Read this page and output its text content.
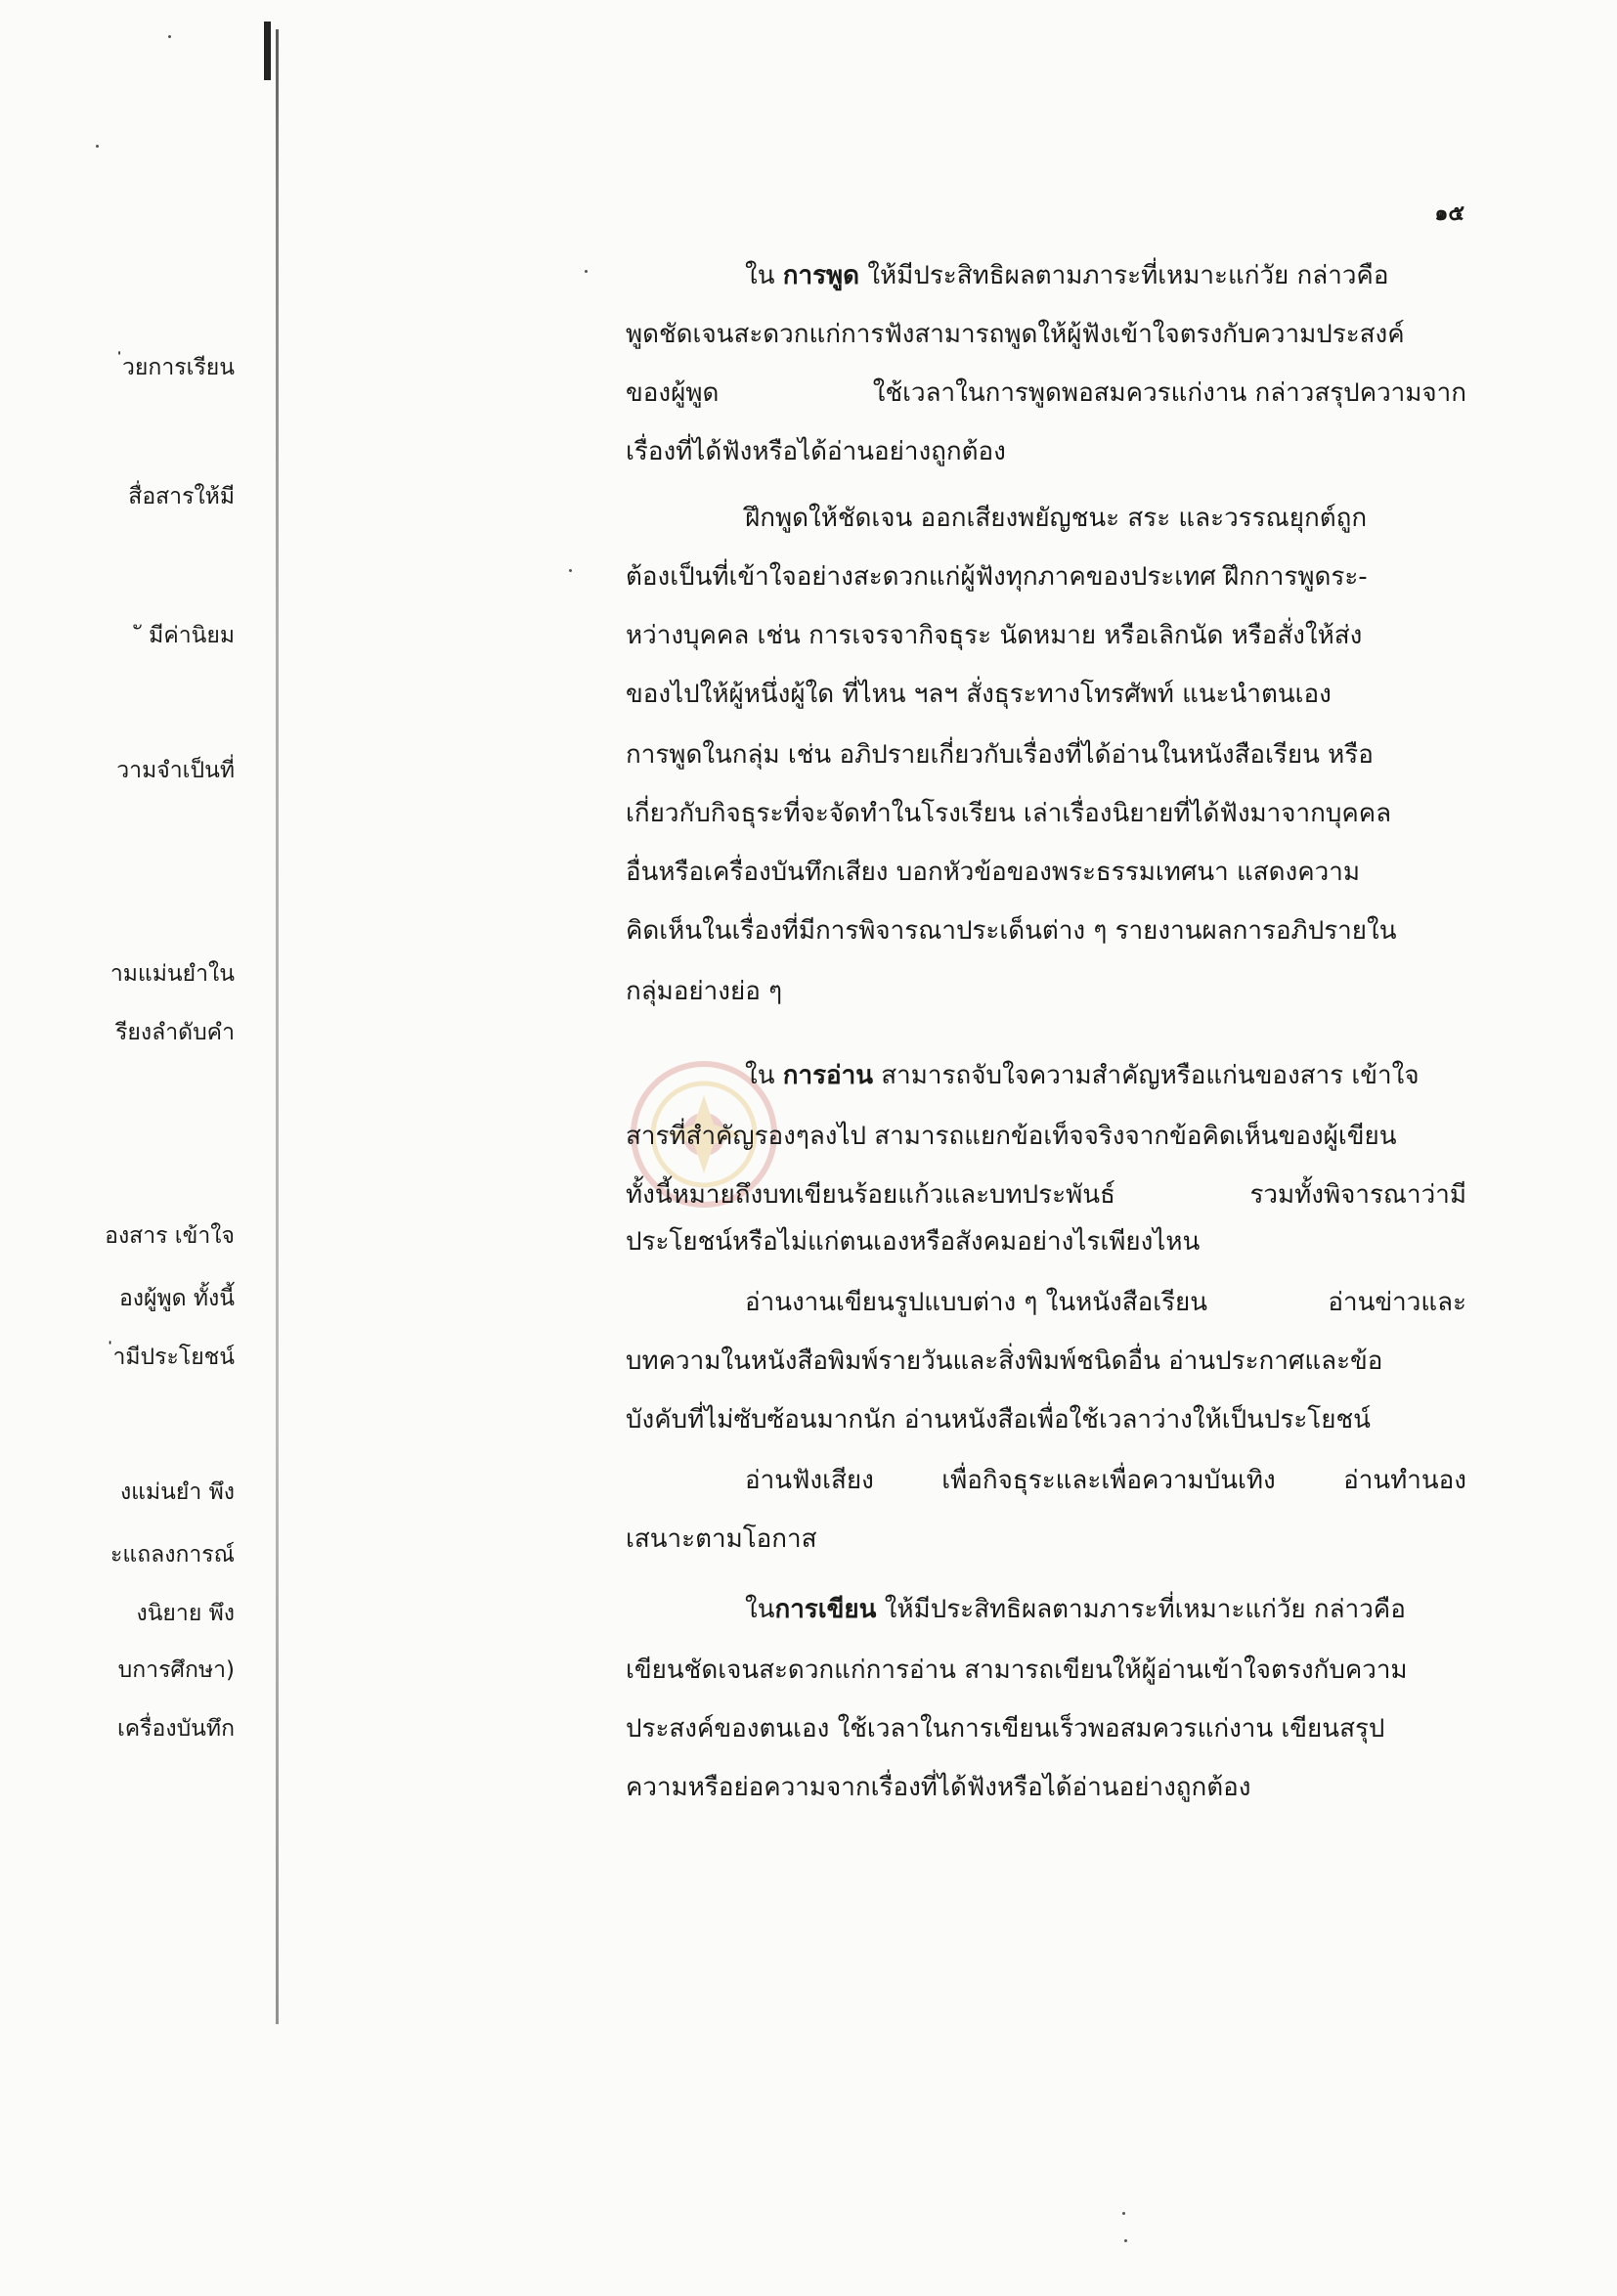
่วยการเรียน
สื่อสารให้มี
ั มีค่านิยม
วามจำเป็นที่
ามแม่นยำใน
รียงลำดับคำ
องสาร เข้าใจ
องผู้พูด ทั้งนี้
่ามีประโยชน์
งแม่นยำ พึง
ะแถลงการณ์
งนิยาย พึง
บการศึกษา)
เครื่องบันทึก
๑๕
ใน การพูด ให้มีประสิทธิผลตามภาระที่เหมาะแก่วัย กล่าวคือ
พูดชัดเจนสะดวกแก่การฟังสามารถพูดให้ผู้ฟังเข้าใจตรงกับความประสงค์
ของผู้พูด	ใช้เวลาในการพูดพอสมควรแก่งาน กล่าวสรุปความจาก
เรื่องที่ได้ฟังหรือได้อ่านอย่างถูกต้อง
ฝึกพูดให้ชัดเจน ออกเสียงพยัญชนะ สระ และวรรณยุกต์ถูก
ต้องเป็นที่เข้าใจอย่างสะดวกแก่ผู้ฟังทุกภาคของประเทศ ฝึกการพูดระ-
หว่างบุคคล เช่น การเจรจากิจธุระ นัดหมาย หรือเลิกนัด หรือสั่งให้ส่ง
ของไปให้ผู้หนึ่งผู้ใด ที่ไหน ฯลฯ สั่งธุระทางโทรศัพท์ แนะนำตนเอง
การพูดในกลุ่ม เช่น อภิปรายเกี่ยวกับเรื่องที่ได้อ่านในหนังสือเรียน หรือ
เกี่ยวกับกิจธุระที่จะจัดทำในโรงเรียน เล่าเรื่องนิยายที่ได้ฟังมาจากบุคคล
อื่นหรือเครื่องบันทึกเสียง บอกหัวข้อของพระธรรมเทศนา แสดงความ
คิดเห็นในเรื่องที่มีการพิจารณาประเด็นต่าง ๆ รายงานผลการอภิปรายใน
กลุ่มอย่างย่อ ๆ
ใน การอ่าน สามารถจับใจความสำคัญหรือแก่นของสาร เข้าใจ
สารที่สำคัญรองๆลงไป สามารถแยกข้อเท็จจริงจากข้อคิดเห็นของผู้เขียน
ทั้งนี้หมายถึงบทเขียนร้อยแก้วและบทประพันธ์	รวมทั้งพิจารณาว่ามี
ประโยชน์หรือไม่แก่ตนเองหรือสังคมอย่างไรเพียงไหน
อ่านงานเขียนรูปแบบต่าง ๆ ในหนังสือเรียน	อ่านข่าวและ
บทความในหนังสือพิมพ์รายวันและสิ่งพิมพ์ชนิดอื่น อ่านประกาศและข้อ
บังคับที่ไม่ซับซ้อนมากนัก อ่านหนังสือเพื่อใช้เวลาว่างให้เป็นประโยชน์
อ่านฟังเสียง	เพื่อกิจธุระและเพื่อความบันเทิง	อ่านทำนอง
เสนาะตามโอกาส
ในการเขียน ให้มีประสิทธิผลตามภาระที่เหมาะแก่วัย กล่าวคือ
เขียนชัดเจนสะดวกแก่การอ่าน สามารถเขียนให้ผู้อ่านเข้าใจตรงกับความ
ประสงค์ของตนเอง ใช้เวลาในการเขียนเร็วพอสมควรแก่งาน เขียนสรุป
ความหรือย่อความจากเรื่องที่ได้ฟังหรือได้อ่านอย่างถูกต้อง
